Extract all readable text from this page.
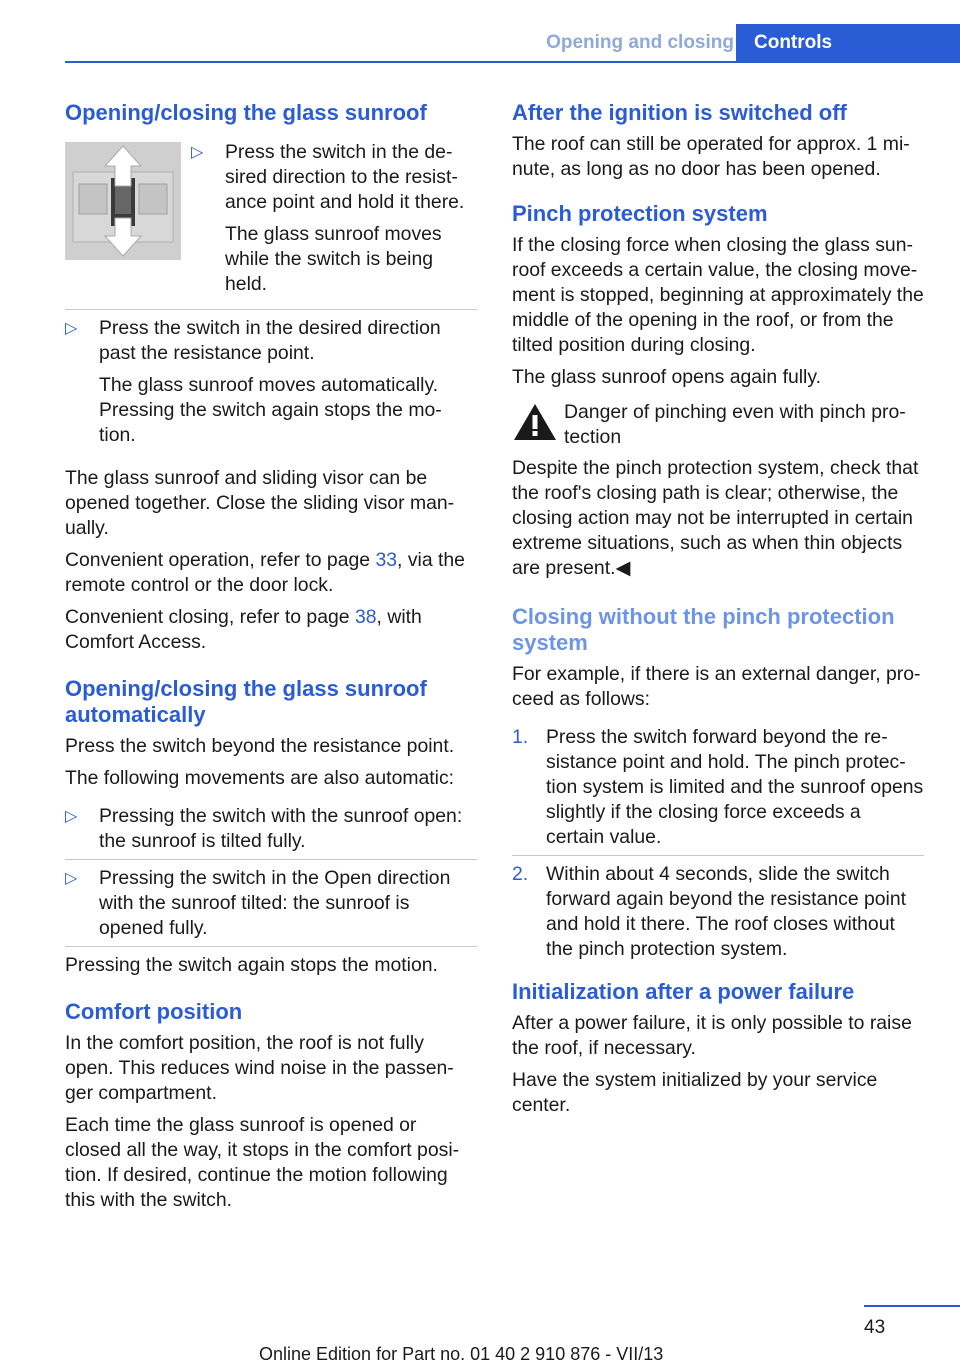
Opening and closing	Controls
Opening/closing the glass sunroof

▷ Press the switch in the de-sired direction to the resist-ance point and hold it there.

The glass sunroof moves while the switch is being held.

▷ Press the switch in the desired direction past the resistance point.

The glass sunroof moves automatically. Pressing the switch again stops the mo-tion.

The glass sunroof and sliding visor can be opened together. Close the sliding visor man-ually.

Convenient operation, refer to page 33, via the remote control or the door lock.

Convenient closing, refer to page 38, with Comfort Access.

Opening/closing the glass sunroof automatically

Press the switch beyond the resistance point.

The following movements are also automatic:

▷ Pressing the switch with the sunroof open: the sunroof is tilted fully.
▷ Pressing the switch in the Open direction with the sunroof tilted: the sunroof is opened fully.

Pressing the switch again stops the motion.

Comfort position

In the comfort position, the roof is not fully open. This reduces wind noise in the passen-ger compartment.

Each time the glass sunroof is opened or closed all the way, it stops in the comfort posi-tion. If desired, continue the motion following this with the switch.

After the ignition is switched off

The roof can still be operated for approx. 1 mi-nute, as long as no door has been opened.

Pinch protection system

If the closing force when closing the glass sun-roof exceeds a certain value, the closing move-ment is stopped, beginning at approximately the middle of the opening in the roof, or from the tilted position during closing.

The glass sunroof opens again fully.

Danger of pinching even with pinch pro-tection

Despite the pinch protection system, check that the roof's closing path is clear; otherwise, the closing action may not be interrupted in certain extreme situations, such as when thin objects are present.◀

Closing without the pinch protection system

For example, if there is an external danger, pro-ceed as follows:

1. Press the switch forward beyond the re-sistance point and hold. The pinch protec-tion system is limited and the sunroof opens slightly if the closing force exceeds a certain value.
2. Within about 4 seconds, slide the switch forward again beyond the resistance point and hold it there. The roof closes without the pinch protection system.
Initialization after a power failure

After a power failure, it is only possible to raise the roof, if necessary.

Have the system initialized by your service center.

43
Online Edition for Part no. 01 40 2 910 876 - VII/13
